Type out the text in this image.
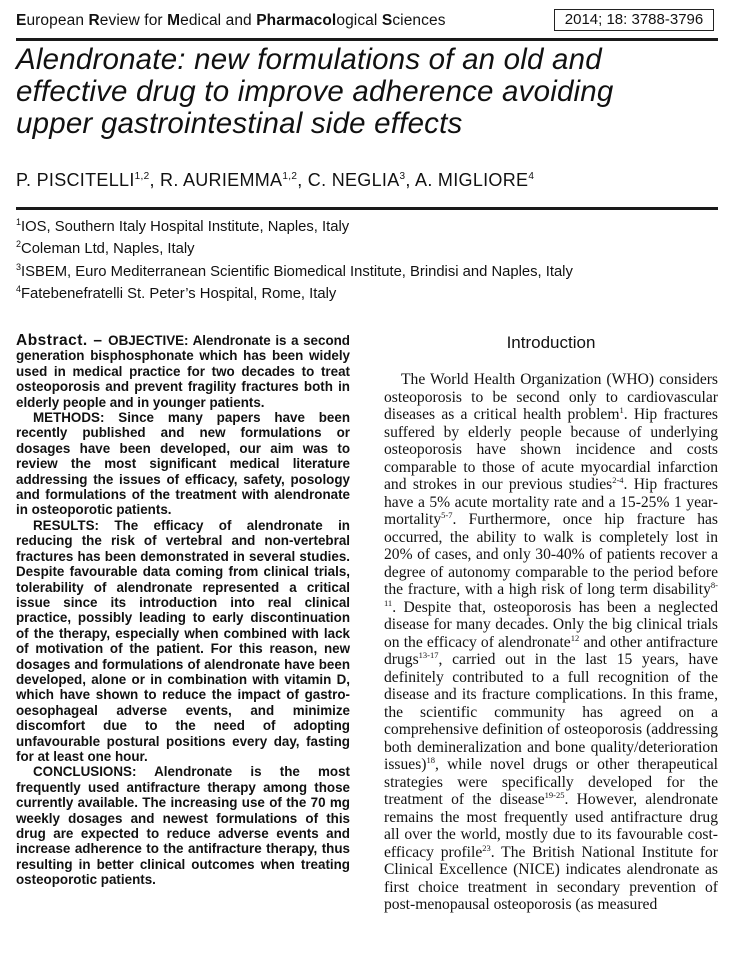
European Review for Medical and Pharmacological Sciences	2014; 18: 3788-3796
Alendronate: new formulations of an old and
effective drug to improve adherence avoiding
upper gastrointestinal side effects
P. PISCITELLI$^{1,2}$, R. AURIEMMA$^{1,2}$, C. NEGLIA$^3$, A. MIGLIORE$^4$
$^1$IOS, Southern Italy Hospital Institute, Naples, Italy
$^2$Coleman Ltd, Naples, Italy
$^3$ISBEM, Euro Mediterranean Scientific Biomedical Institute, Brindisi and Naples, Italy
$^4$Fatebenefratelli St. Peter’s Hospital, Rome, Italy

Abstract. – OBJECTIVE: Alendronate is a second generation bisphosphonate which has been widely used in medical practice for two decades to treat osteoporosis and prevent fragility fractures both in elderly people and in younger patients.

METHODS: Since many papers have been recently published and new formulations or dosages have been developed, our aim was to review the most significant medical literature addressing the issues of efficacy, safety, posology and formulations of the treatment with alendronate in osteoporotic patients.

RESULTS: The efficacy of alendronate in reducing the risk of vertebral and non-vertebral fractures has been demonstrated in several studies. Despite favourable data coming from clinical trials, tolerability of alendronate represented a critical issue since its introduction into real clinical practice, possibly leading to early discontinuation of the therapy, especially when combined with lack of motivation of the patient. For this reason, new dosages and formulations of alendronate have been developed, alone or in combination with vitamin D, which have shown to reduce the impact of gastro-oesophageal adverse events, and minimize discomfort due to the need of adopting unfavourable postural positions every day, fasting for at least one hour.

CONCLUSIONS: Alendronate is the most frequently used antifracture therapy among those currently available. The increasing use of the 70 mg weekly dosages and newest formulations of this drug are expected to reduce adverse events and increase adherence to the antifracture therapy, thus resulting in better clinical outcomes when treating osteoporotic patients.

Introduction

The World Health Organization (WHO) considers osteoporosis to be second only to cardiovascular diseases as a critical health problem$^1$. Hip fractures suffered by elderly people because of underlying osteoporosis have shown incidence and costs comparable to those of acute myocardial infarction and strokes in our previous studies$^{2-4}$. Hip fractures have a 5% acute mortality rate and a 15-25% 1 year-mortality$^{5-7}$. Furthermore, once hip fracture has occurred, the ability to walk is completely lost in 20% of cases, and only 30-40% of patients recover a degree of autonomy comparable to the period before the fracture, with a high risk of long term disability$^{8-11}$. Despite that, osteoporosis has been a neglected disease for many decades. Only the big clinical trials on the efficacy of alendronate$^{12}$ and other antifracture drugs$^{13-17}$, carried out in the last 15 years, have definitely contributed to a full recognition of the disease and its fracture complications. In this frame, the scientific community has agreed on a comprehensive definition of osteoporosis (addressing both demineralization and bone quality/deterioration issues)$^{18}$, while novel drugs or other therapeutical strategies were specifically developed for the treatment of the disease$^{19-25}$. However, alendronate remains the most frequently used antifracture drug all over the world, mostly due to its favourable cost-efficacy profile$^{23}$. The British National Institute for Clinical Excellence (NICE) indicates alendronate as first choice treatment in secondary prevention of post-menopausal osteoporosis (as measured
